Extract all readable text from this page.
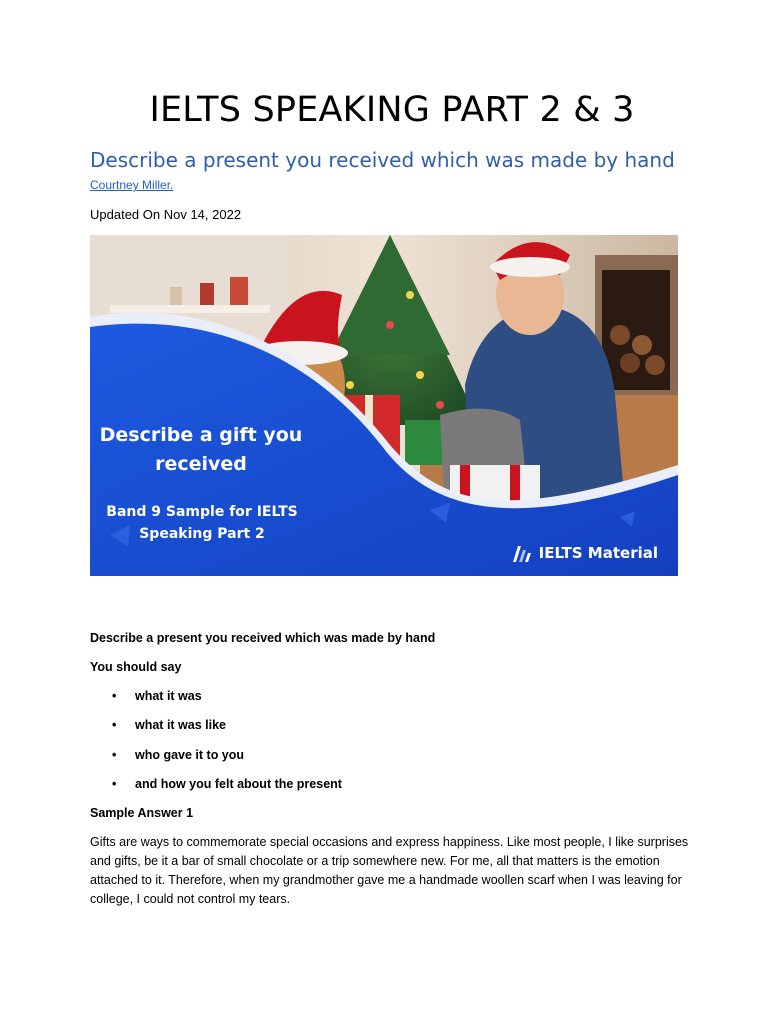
IELTS SPEAKING PART 2 & 3
Describe a present you received which was made by hand
Courtney Miller.
Updated On Nov 14, 2022
Describe a gift you
received
Band 9 Sample for IELTS
Speaking Part 2
IELTS Material
Describe a present you received which was made by hand
You should say
• what it was
• what it was like
• who gave it to you
• and how you felt about the present
Sample Answer 1

Gifts are ways to commemorate special occasions and express happiness. Like most people, I like surprises and gifts, be it a bar of small chocolate or a trip somewhere new. For me, all that matters is the emotion attached to it. Therefore, when my grandmother gave me a handmade woollen scarf when I was leaving for college, I could not control my tears.
